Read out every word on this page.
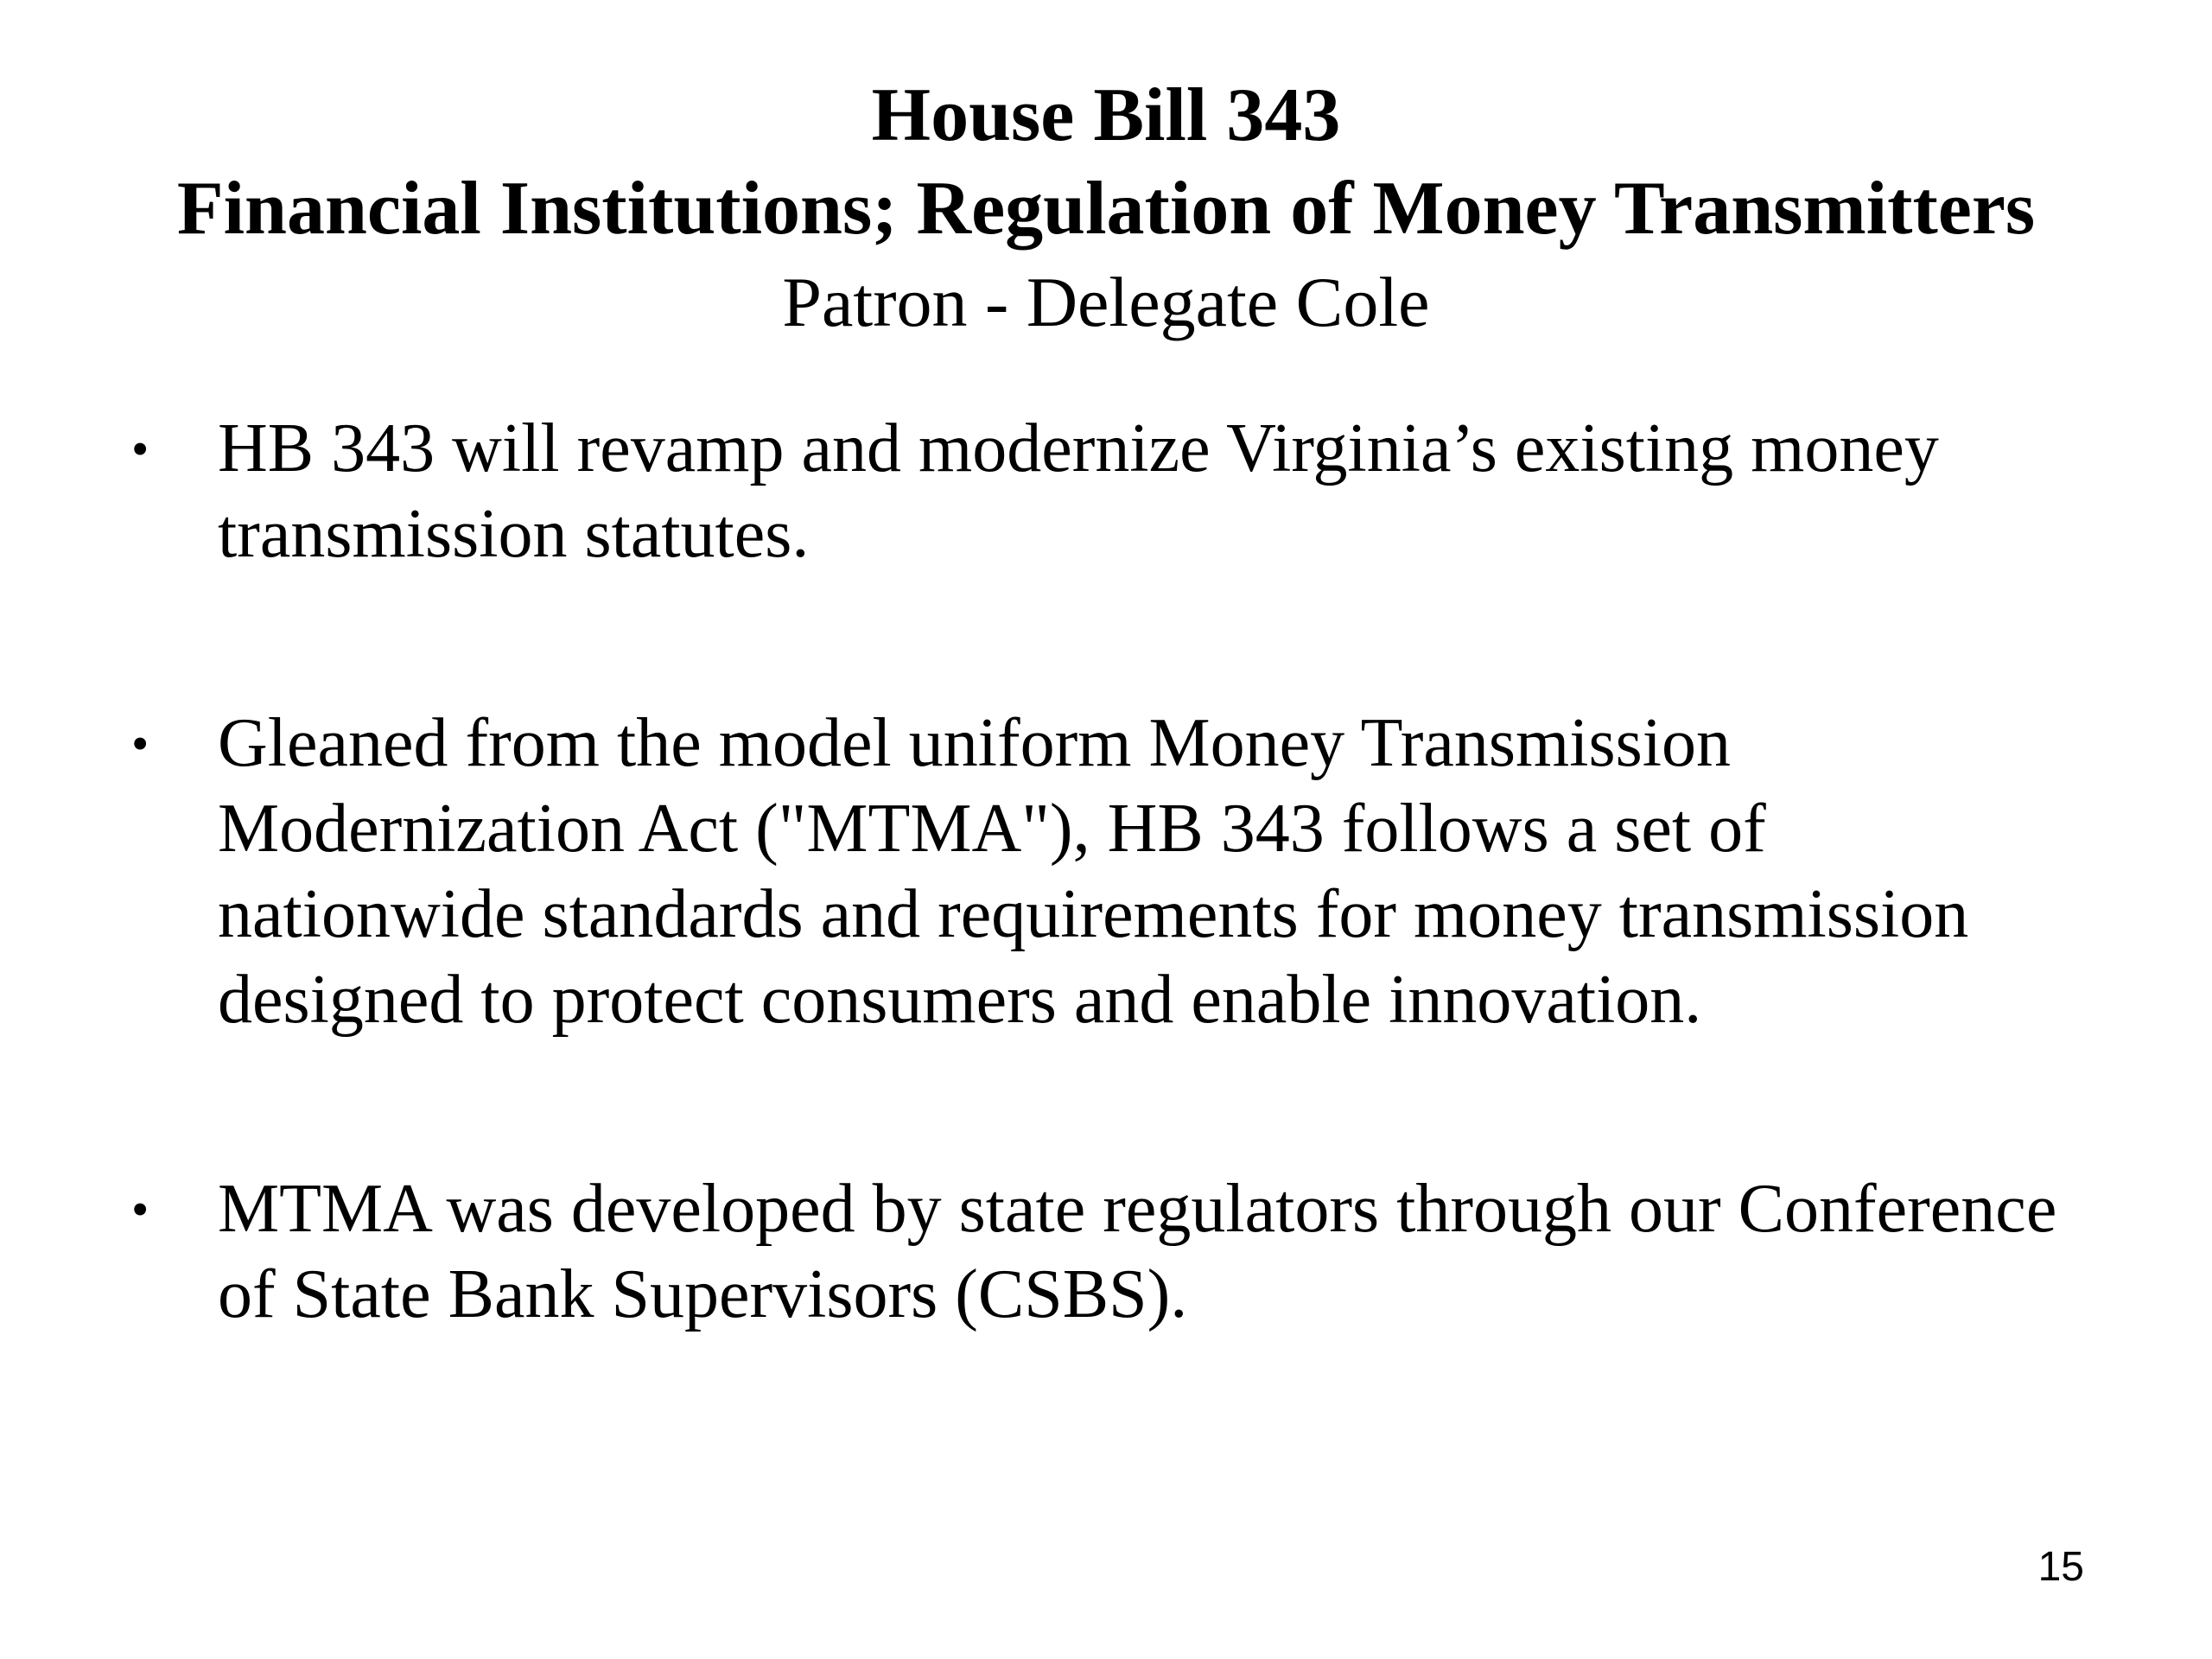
House Bill 343

Financial Institutions; Regulation of Money Transmitters

Patron - Delegate Cole

• HB 343 will revamp and modernize Virginia’s existing money transmission statutes.
• Gleaned from the model uniform Money Transmission Modernization Act ("MTMA"), HB 343 follows a set of nationwide standards and requirements for money transmission designed to protect consumers and enable innovation.
• MTMA was developed by state regulators through our Conference of State Bank Supervisors (CSBS).
15
